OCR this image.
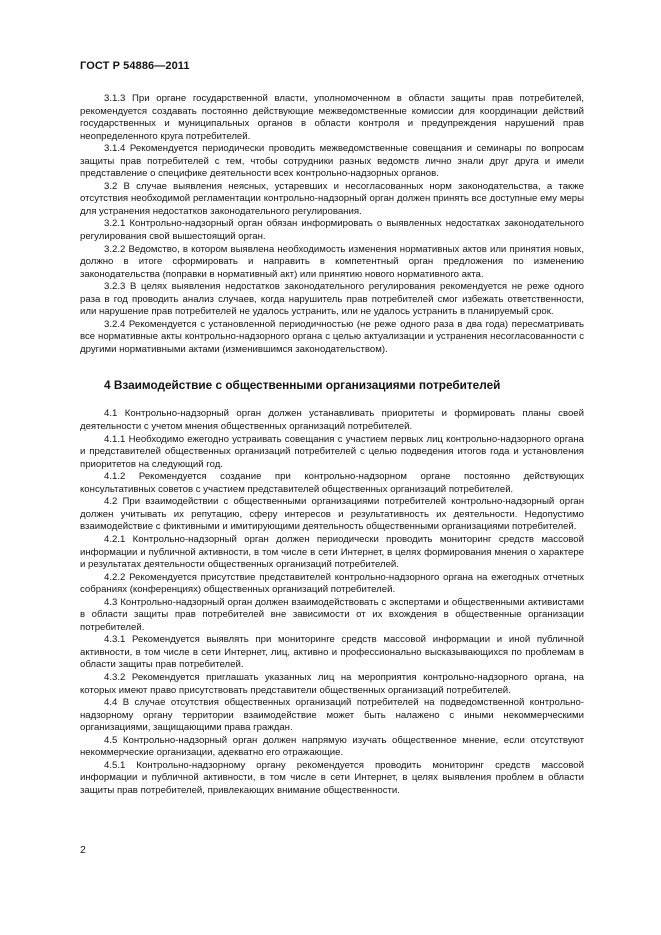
ГОСТ Р 54886—2011

3.1.3 При органе государственной власти, уполномоченном в области защиты прав потребителей, рекомендуется создавать постоянно действующие межведомственные комиссии для координации действий государственных и муниципальных органов в области контроля и предупреждения нарушений прав неопределенного круга потребителей.

3.1.4 Рекомендуется периодически проводить межведомственные совещания и семинары по вопросам защиты прав потребителей с тем, чтобы сотрудники разных ведомств лично знали друг друга и имели представление о специфике деятельности всех контрольно-надзорных органов.

3.2 В случае выявления неясных, устаревших и несогласованных норм законодательства, а также отсутствия необходимой регламентации контрольно-надзорный орган должен принять все доступные ему меры для устранения недостатков законодательного регулирования.

3.2.1 Контрольно-надзорный орган обязан информировать о выявленных недостатках законодательного регулирования свой вышестоящий орган.

3.2.2 Ведомство, в котором выявлена необходимость изменения нормативных актов или принятия новых, должно в итоге сформировать и направить в компетентный орган предложения по изменению законодательства (поправки в нормативный акт) или принятию нового нормативного акта.

3.2.3 В целях выявления недостатков законодательного регулирования рекомендуется не реже одного раза в год проводить анализ случаев, когда нарушитель прав потребителей смог избежать ответственности, или нарушение прав потребителей не удалось устранить, или не удалось устранить в планируемый срок.

3.2.4 Рекомендуется с установленной периодичностью (не реже одного раза в два года) пересматривать все нормативные акты контрольно-надзорного органа с целью актуализации и устранения несогласованности с другими нормативными актами (изменившимся законодательством).

4 Взаимодействие с общественными организациями потребителей

4.1 Контрольно-надзорный орган должен устанавливать приоритеты и формировать планы своей деятельности с учетом мнения общественных организаций потребителей.

4.1.1 Необходимо ежегодно устраивать совещания с участием первых лиц контрольно-надзорного органа и представителей общественных организаций потребителей с целью подведения итогов года и установления приоритетов на следующий год.

4.1.2 Рекомендуется создание при контрольно-надзорном органе постоянно действующих консультативных советов с участием представителей общественных организаций потребителей.

4.2 При взаимодействии с общественными организациями потребителей контрольно-надзорный орган должен учитывать их репутацию, сферу интересов и результативность их деятельности. Недопустимо взаимодействие с фиктивными и имитирующими деятельность общественными организациями потребителей.

4.2.1 Контрольно-надзорный орган должен периодически проводить мониторинг средств массовой информации и публичной активности, в том числе в сети Интернет, в целях формирования мнения о характере и результатах деятельности общественных организаций потребителей.

4.2.2 Рекомендуется присутствие представителей контрольно-надзорного органа на ежегодных отчетных собраниях (конференциях) общественных организаций потребителей.

4.3 Контрольно-надзорный орган должен взаимодействовать с экспертами и общественными активистами в области защиты прав потребителей вне зависимости от их вхождения в общественные организации потребителей.

4.3.1 Рекомендуется выявлять при мониторинге средств массовой информации и иной публичной активности, в том числе в сети Интернет, лиц, активно и профессионально высказывающихся по проблемам в области защиты прав потребителей.

4.3.2 Рекомендуется приглашать указанных лиц на мероприятия контрольно-надзорного органа, на которых имеют право присутствовать представители общественных организаций потребителей.

4.4 В случае отсутствия общественных организаций потребителей на подведомственной контрольно-надзорному органу территории взаимодействие может быть налажено с иными некоммерческими организациями, защищающими права граждан.

4.5 Контрольно-надзорный орган должен напрямую изучать общественное мнение, если отсутствуют некоммерческие организации, адекватно его отражающие.

4.5.1 Контрольно-надзорному органу рекомендуется проводить мониторинг средств массовой информации и публичной активности, в том числе в сети Интернет, в целях выявления проблем в области защиты прав потребителей, привлекающих внимание общественности.

2
